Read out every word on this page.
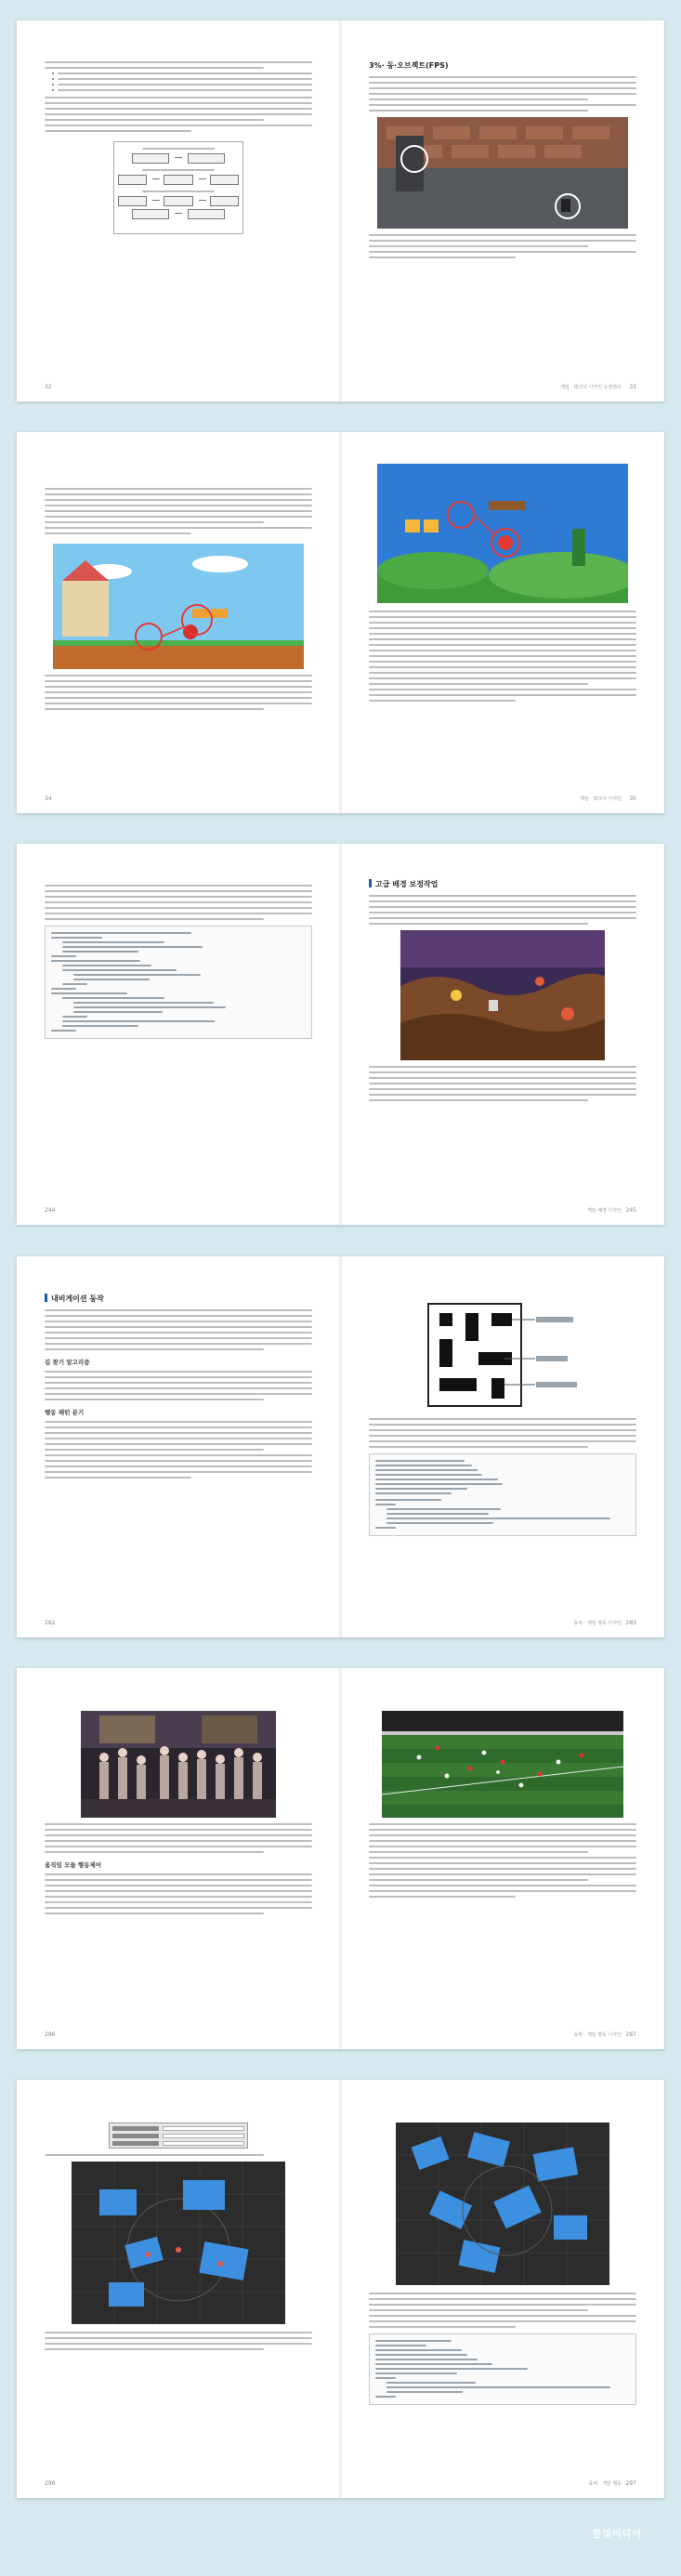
32
3%· 동·오브젝트(FPS)
게임 · 테크닉 디자인 등장하다 33
34	게임 · 테크닉 디자인 35
244
고급 배경 보정작업
게임 배경 디자인 245
내비게이션 동작
길 찾기 알고리즘
행동 패턴 분기
282	동막 · 게임 행동 디자인 283
움직임 모듈 행동제어
286	동막 · 게임 행동 디자인 287
296	동막 · 게임 행동 297
한빛미디어
